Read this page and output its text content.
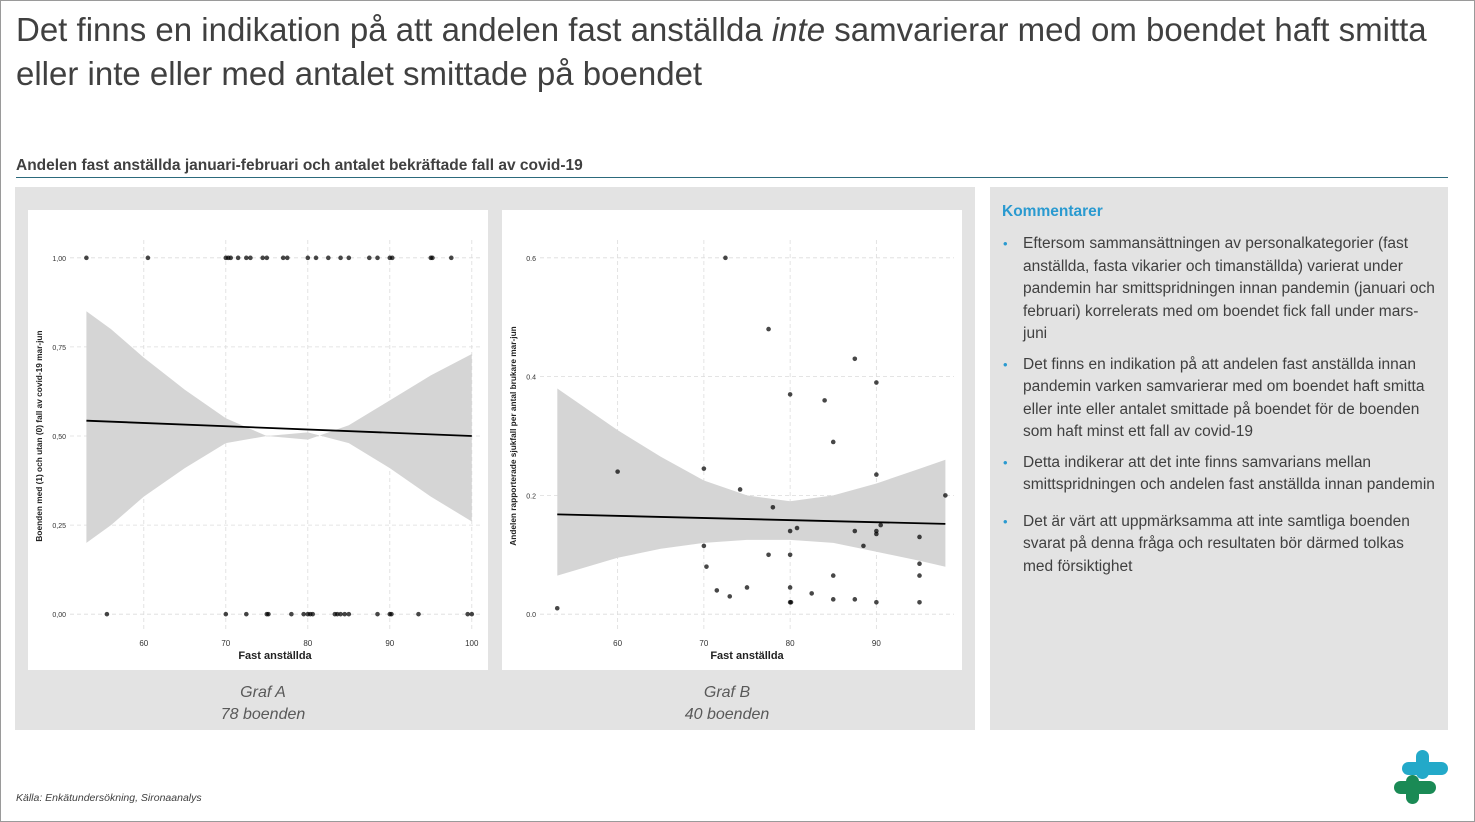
Det finns en indikation på att andelen fast anställda inte samvarierar med om boendet haft smitta eller inte eller med antalet smittade på boendet
Andelen fast anställda januari-februari och antalet bekräftade fall av covid-19
60	70	80	90	100
0,00
0,25
0,50
0,75
1,00
Fast anställda
Boenden med (1) och utan (0) fall av covid-19 mar-jun
60	70	80	90
0.0
0.2
0.4
0.6
Fast anställda
Andelen rapporterade sjukfall per antal brukare mar-jun
Graf A
78 boenden
Graf B
40 boenden
Kommentarer
• Eftersom sammansättningen av personalkategorier (fast anställda, fasta vikarier och timanställda) varierat under pandemin har smittspridningen innan pandemin (januari och februari) korrelerats med om boendet fick fall under mars-juni
• Det finns en indikation på att andelen fast anställda innan pandemin varken samvarierar med om boendet haft smitta eller inte eller antalet smittade på boendet för de boenden som haft minst ett fall av covid-19
• Detta indikerar att det inte finns samvarians mellan smittspridningen och andelen fast anställda innan pandemin
• Det är värt att uppmärksamma att inte samtliga boenden svarat på denna fråga och resultaten bör därmed tolkas med försiktighet
Källa: Enkätundersökning, Sironaanalys
